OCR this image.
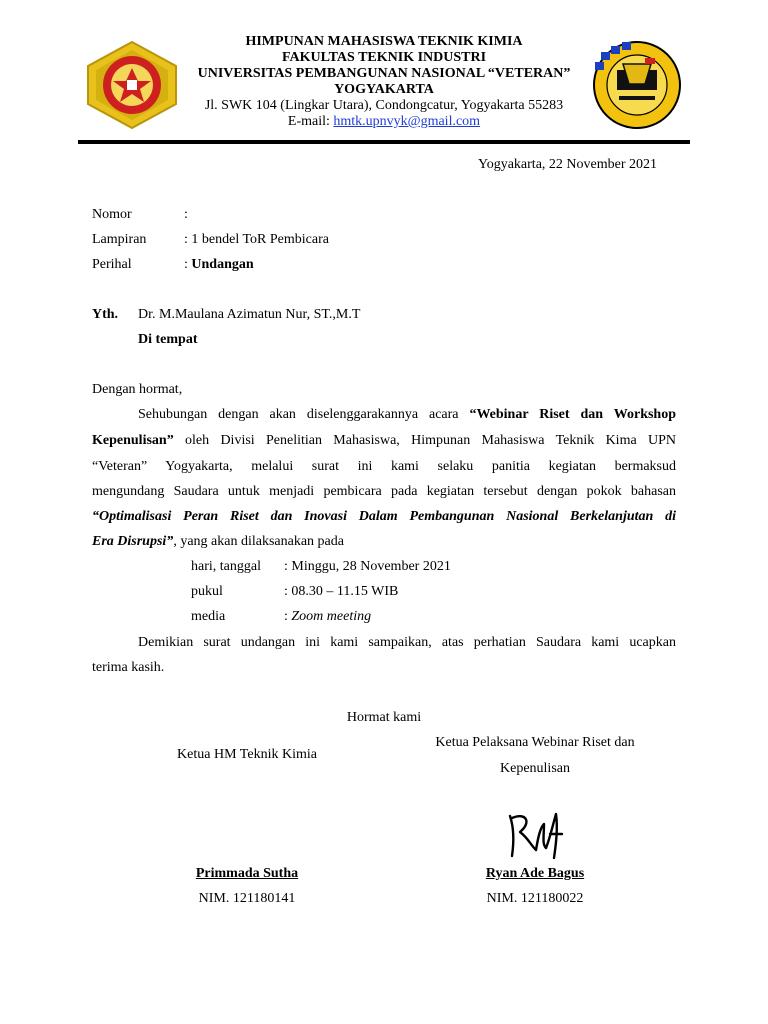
HIMPUNAN MAHASISWA TEKNIK KIMIA
FAKULTAS TEKNIK INDUSTRI
UNIVERSITAS PEMBANGUNAN NASIONAL “VETERAN”
YOGYAKARTA
Jl. SWK 104 (Lingkar Utara), Condongcatur, Yogyakarta 55283
E-mail: hmtk.upnvyk@gmail.com
Yogyakarta, 22 November 2021
Nomor	:
Lampiran	: 1 bendel ToR Pembicara
Perihal	: Undangan
Yth. Dr. M.Maulana Azimatun Nur, ST.,M.T
Di tempat
Dengan hormat,
Sehubungan dengan akan diselenggarakannya acara “Webinar Riset dan Workshop
Kepenulisan” oleh Divisi Penelitian Mahasiswa, Himpunan Mahasiswa Teknik Kima UPN
“Veteran” Yogyakarta, melalui surat ini kami selaku panitia kegiatan bermaksud
mengundang Saudara untuk menjadi pembicara pada kegiatan tersebut dengan pokok bahasan
“Optimalisasi Peran Riset dan Inovasi Dalam Pembangunan Nasional Berkelanjutan di
Era Disrupsi”, yang akan dilaksanakan pada
hari, tanggal : Minggu, 28 November 2021
pukul	: 08.30 – 11.15 WIB
media	: Zoom meeting
Demikian surat undangan ini kami sampaikan, atas perhatian Saudara kami ucapkan
terima kasih.
Hormat kami
Ketua HM Teknik Kimia
Ketua Pelaksana Webinar Riset dan
Kepenulisan
Primmada Sutha
NIM. 121180141
Ryan Ade Bagus
NIM. 121180022
